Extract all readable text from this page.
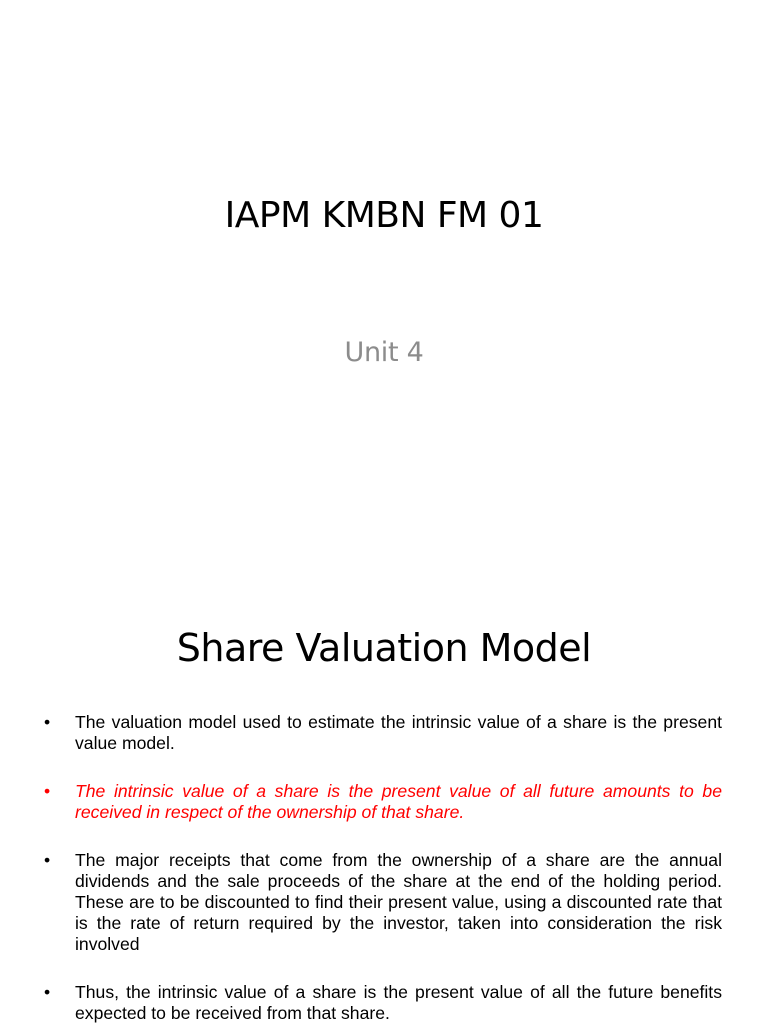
IAPM KMBN FM 01
Unit 4
Share Valuation Model
•	The valuation model used to estimate the intrinsic value of a share is the present value model.
•	The intrinsic value of a share is the present value of all future amounts to be received in respect of the ownership of that share.
•	The major receipts that come from the ownership of a share are the annual dividends and the sale proceeds of the share at the end of the holding period. These are to be discounted to find their present value, using a discounted rate that is the rate of return required by the investor, taken into consideration the risk involved
•	Thus, the intrinsic value of a share is the present value of all the future benefits expected to be received from that share.
